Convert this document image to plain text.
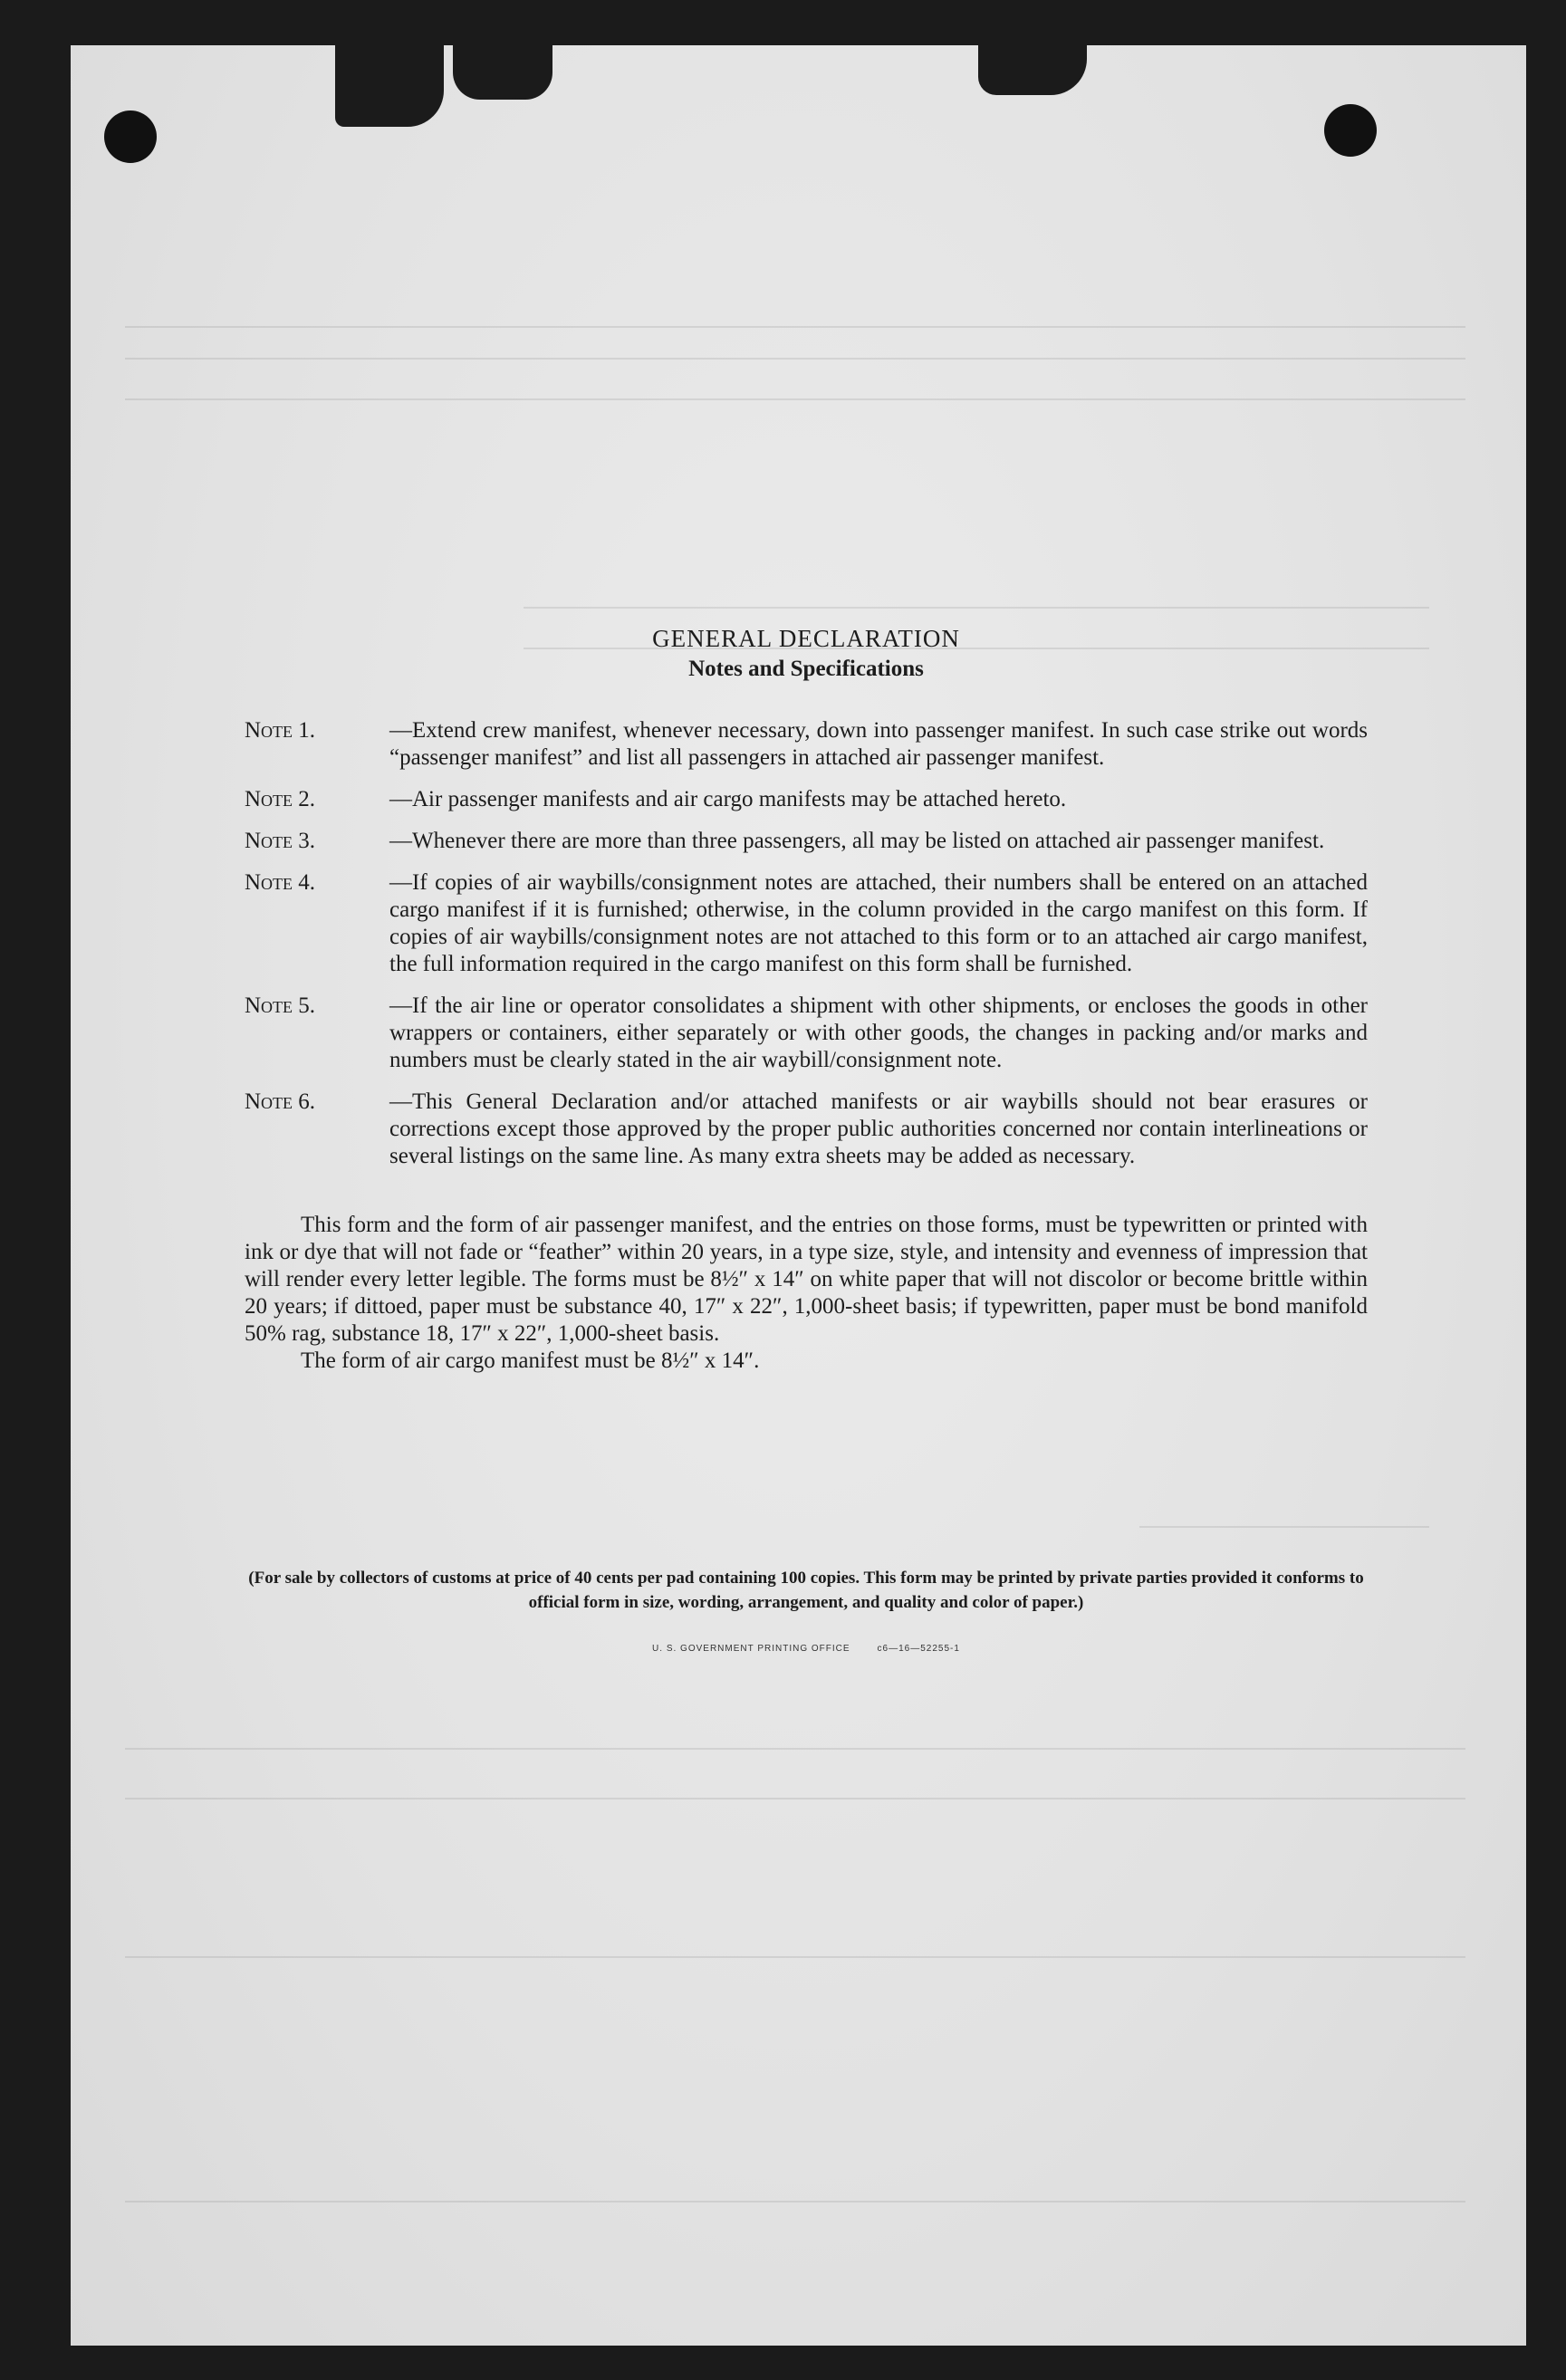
GENERAL DECLARATION

Notes and Specifications

Note 1.	—Extend crew manifest, whenever necessary, down into passenger manifest. In such case strike out words “passenger manifest” and list all passengers in attached air passenger manifest.
Note 2.	—Air passenger manifests and air cargo manifests may be attached hereto.
Note 3.	—Whenever there are more than three passengers, all may be listed on attached air passenger manifest.
Note 4.	—If copies of air waybills/consignment notes are attached, their numbers shall be entered on an attached cargo manifest if it is furnished; otherwise, in the column provided in the cargo manifest on this form. If copies of air waybills/consignment notes are not attached to this form or to an attached air cargo manifest, the full information required in the cargo manifest on this form shall be furnished.
Note 5.	—If the air line or operator consolidates a shipment with other shipments, or encloses the goods in other wrappers or containers, either separately or with other goods, the changes in packing and/or marks and numbers must be clearly stated in the air waybill/consignment note.
Note 6.	—This General Declaration and/or attached manifests or air waybills should not bear erasures or corrections except those approved by the proper public authorities concerned nor contain interlineations or several listings on the same line. As many extra sheets may be added as necessary.

This form and the form of air passenger manifest, and the entries on those forms, must be typewritten or printed with ink or dye that will not fade or “feather” within 20 years, in a type size, style, and intensity and evenness of impression that will render every letter legible. The forms must be 8½″ x 14″ on white paper that will not discolor or become brittle within 20 years; if dittoed, paper must be substance 40, 17″ x 22″, 1,000-sheet basis; if typewritten, paper must be bond manifold 50% rag, substance 18, 17″ x 22″, 1,000-sheet basis.

The form of air cargo manifest must be 8½″ x 14″.

(For sale by collectors of customs at price of 40 cents per pad containing 100 copies. This form may be printed by private parties provided it conforms to official form in size, wording, arrangement, and quality and color of paper.)
U. S. GOVERNMENT PRINTING OFFICE	c6—16—52255-1
